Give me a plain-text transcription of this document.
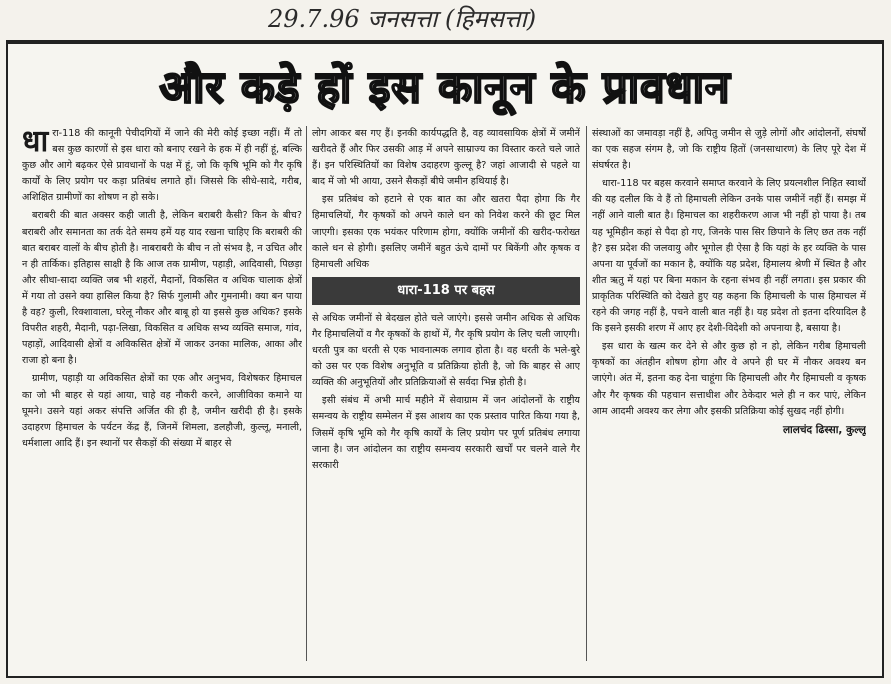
29.7.96 जनसत्ता (हिमसत्ता)
और कड़े हों इस कानून के प्रावधान

धारा-118 की कानूनी पेचीदगियों में जाने की मेरी कोई इच्छा नहीं। मैं तो बस कुछ कारणों से इस धारा को बनाए रखने के हक में ही नहीं हूं, बल्कि कुछ और आगे बढ़कर ऐसे प्रावधानों के पक्ष में हूं, जो कि कृषि भूमि को गैर कृषि कार्यों के लिए प्रयोग पर कड़ा प्रतिबंध लगाते हों। जिससे कि सीधे-सादे, गरीब, अशिक्षित ग्रामीणों का शोषण न हो सके।

बराबरी की बात अक्सर कही जाती है, लेकिन बराबरी कैसी? किन के बीच? बराबरी और समानता का तर्क देते समय हमें यह याद रखना चाहिए कि बराबरी की बात बराबर वालों के बीच होती है। नाबराबरी के बीच न तो संभव है, न उचित और न ही तार्किक। इतिहास साक्षी है कि आज तक ग्रामीण, पहाड़ी, आदिवासी, पिछड़ा और सीधा-सादा व्यक्ति जब भी शहरों, मैदानों, विकसित व अधिक चालाक क्षेत्रों में गया तो उसने क्या हासिल किया है? सिर्फ गुलामी और गुमनामी। क्या बन पाया है वह? कुली, रिक्शावाला, घरेलू नौकर और बाबू हो या इससे कुछ अधिक? इसके विपरीत शहरी, मैदानी, पढ़ा-लिखा, विकसित व अधिक सभ्य व्यक्ति समाज, गांव, पहाड़ों, आदिवासी क्षेत्रों व अविकसित क्षेत्रों में जाकर उनका मालिक, आका और राजा हो बना है।

ग्रामीण, पहाड़ी या अविकसित क्षेत्रों का एक और अनुभव, विशेषकर हिमाचल का जो भी बाहर से यहां आया, चाहे वह नौकरी करने, आजीविका कमाने या घूमने। उसने यहां अकर संपत्ति अर्जित की ही है, जमीन खरीदी ही है। इसके उदाहरण हिमाचल के पर्यटन केंद्र हैं, जिनमें शिमला, डलहौजी, कुल्लू, मनाली, धर्मशाला आदि हैं। इन स्थानों पर सैकड़ों की संख्या में बाहर से

लोग आकर बस गए हैं। इनकी कार्यपद्धति है, वह व्यावसायिक क्षेत्रों में जमीनें खरीदते हैं और फिर उसकी आड़ में अपने साम्राज्य का विस्तार करते चले जाते हैं। इन परिस्थितियों का विशेष उदाहरण कुल्लू है? जहां आजादी से पहले या बाद में जो भी आया, उसने सैकड़ों बीघे जमीन हथियाई है।

इस प्रतिबंध को हटाने से एक बात का और खतरा पैदा होगा कि गैर हिमाचलियों, गैर कृषकों को अपने काले धन को निवेश करने की छूट मिल जाएगी। इसका एक भयंकर परिणाम होगा, क्योंकि जमीनों की खरीद-फरोख्त काले धन से होगी। इसलिए जमीनें बहुत ऊंचे दामों पर बिकेंगी और कृषक व हिमाचली अधिक

धारा-118 पर बहस

से अधिक जमीनों से बेदखल होते चले जाएंगे। इससे जमीन अधिक से अधिक गैर हिमाचलियों व गैर कृषकों के हाथों में, गैर कृषि प्रयोग के लिए चली जाएगी। धरती पुत्र का धरती से एक भावनात्मक लगाव होता है। वह धरती के भले-बुरे को उस पर एक विशेष अनुभूति व प्रतिक्रिया होती है, जो कि बाहर से आए व्यक्ति की अनुभूतियों और प्रतिक्रियाओं से सर्वदा भिन्न होती है।

इसी संबंध में अभी मार्च महीने में सेवाग्राम में जन आंदोलनों के राष्ट्रीय समन्वय के राष्ट्रीय सम्मेलन में इस आशय का एक प्रस्ताव पारित किया गया है, जिसमें कृषि भूमि को गैर कृषि कार्यों के लिए प्रयोग पर पूर्ण प्रतिबंध लगाया जाना है। जन आंदोलन का राष्ट्रीय समन्वय सरकारी खर्चों पर चलने वाले गैर सरकारी

संस्थाओं का जमावड़ा नहीं है, अपितु जमीन से जुड़े लोगों और आंदोलनों, संघर्षों का एक सहज संगम है, जो कि राष्ट्रीय हितों (जनसाधारण) के लिए पूरे देश में संघर्षरत है।

धारा-118 पर बहस करवाने समाप्त करवाने के लिए प्रयत्नशील निहित स्वार्थों की यह दलील कि वे हैं तो हिमाचली लेकिन उनके पास जमीनें नहीं हैं। समझ में नहीं आने वाली बात है। हिमाचल का शहरीकरण आज भी नहीं हो पाया है। तब यह भूमिहीन कहां से पैदा हो गए, जिनके पास सिर छिपाने के लिए छत तक नहीं है? इस प्रदेश की जलवायु और भूगोल ही ऐसा है कि यहां के हर व्यक्ति के पास अपना या पूर्वजों का मकान है, क्योंकि यह प्रदेश, हिमालय श्रेणी में स्थित है और शीत ऋतु में यहां पर बिना मकान के रहना संभव ही नहीं लगता। इस प्रकार की प्राकृतिक परिस्थिति को देखते हुए यह कहना कि हिमाचली के पास हिमाचल में रहने की जगह नहीं है, पचने वाली बात नहीं है। यह प्रदेश तो इतना दरियादिल है कि इसने इसकी शरण में आए हर देशी-विदेशी को अपनाया है, बसाया है।

इस धारा के खत्म कर देने से और कुछ हो न हो, लेकिन गरीब हिमाचली कृषकों का अंतहीन शोषण होगा और वे अपने ही घर में नौकर अवश्य बन जाएंगे। अंत में, इतना कह देना चाहूंगा कि हिमाचली और गैर हिमाचली व कृषक और गैर कृषक की पहचान सत्ताधीश और ठेकेदार भले ही न कर पाएं, लेकिन आम आदमी अवश्य कर लेगा और इसकी प्रतिक्रिया कोई सुखद नहीं होगी।

लालचंद ढिस्सा, कुल्लू
